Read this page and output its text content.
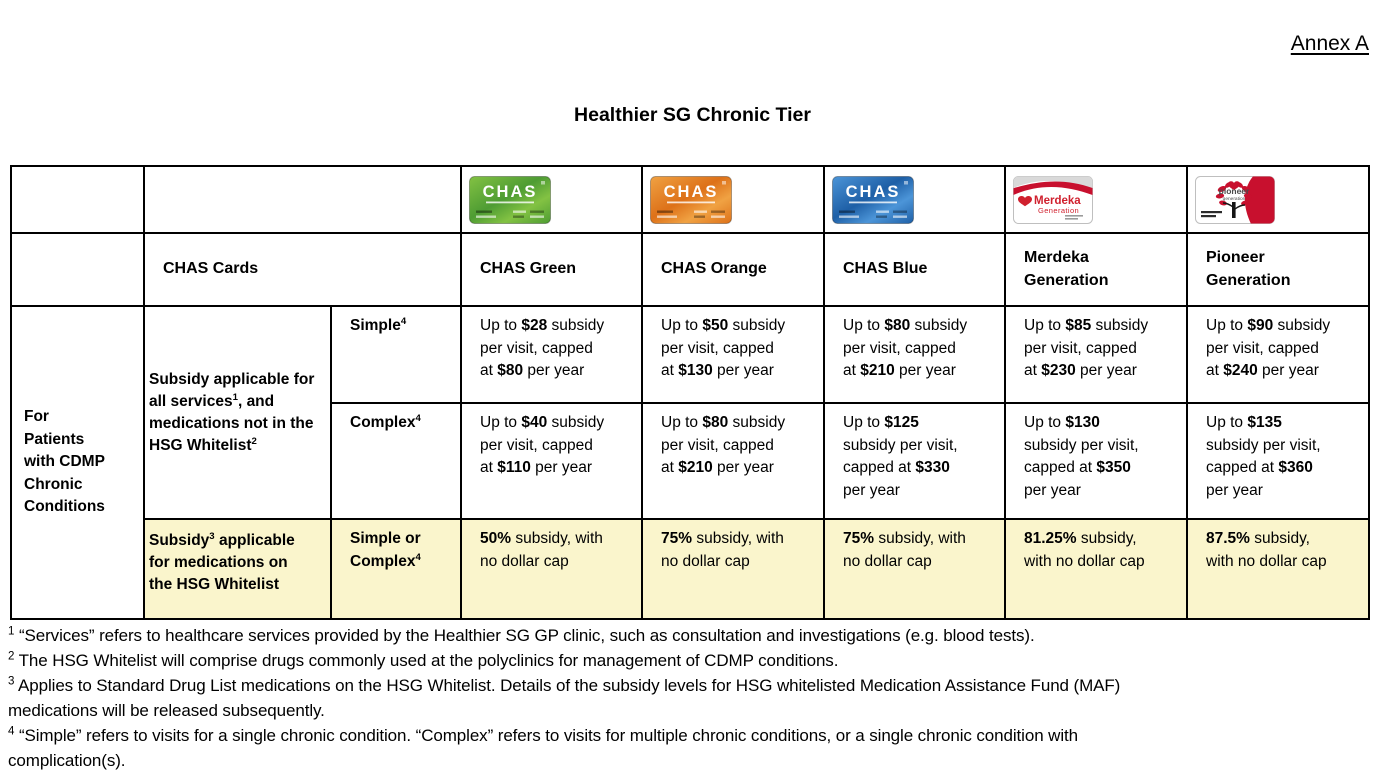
Annex A
Healthier SG Chronic Tier

CHAS	CHAS	CHAS	Merdeka
Generation	pioneer
generation

	CHAS Cards		CHAS Green	CHAS Orange	CHAS Blue	Merdeka
Generation	Pioneer
Generation
For
Patients
with CDMP
Chronic
Conditions	Subsidy applicable for
all services$^1$, and
medications not in the
HSG Whitelist$^2$	Simple$^4$	Up to $28 subsidy
per visit, capped
at $80 per year	Up to $50 subsidy
per visit, capped
at $130 per year	Up to $80 subsidy
per visit, capped
at $210 per year	Up to $85 subsidy
per visit, capped
at $230 per year	Up to $90 subsidy
per visit, capped
at $240 per year
		Complex$^4$	Up to $40 subsidy
per visit, capped
at $110 per year	Up to $80 subsidy
per visit, capped
at $210 per year	Up to $125
subsidy per visit,
capped at $330
per year	Up to $130
subsidy per visit,
capped at $350
per year	Up to $135
subsidy per visit,
capped at $360
per year
	Subsidy$^3$ applicable
for medications on
the HSG Whitelist	Simple or
Complex$^4$	50% subsidy, with
no dollar cap	75% subsidy, with
no dollar cap	75% subsidy, with
no dollar cap	81.25% subsidy,
with no dollar cap	87.5% subsidy,
with no dollar cap

$^1$ “Services” refers to healthcare services provided by the Healthier SG GP clinic, such as consultation and investigations (e.g. blood tests).

$^2$ The HSG Whitelist will comprise drugs commonly used at the polyclinics for management of CDMP conditions.

$^3$ Applies to Standard Drug List medications on the HSG Whitelist. Details of the subsidy levels for HSG whitelisted Medication Assistance Fund (MAF)
medications will be released subsequently.

$^4$ “Simple” refers to visits for a single chronic condition. “Complex” refers to visits for multiple chronic conditions, or a single chronic condition with
complication(s).
